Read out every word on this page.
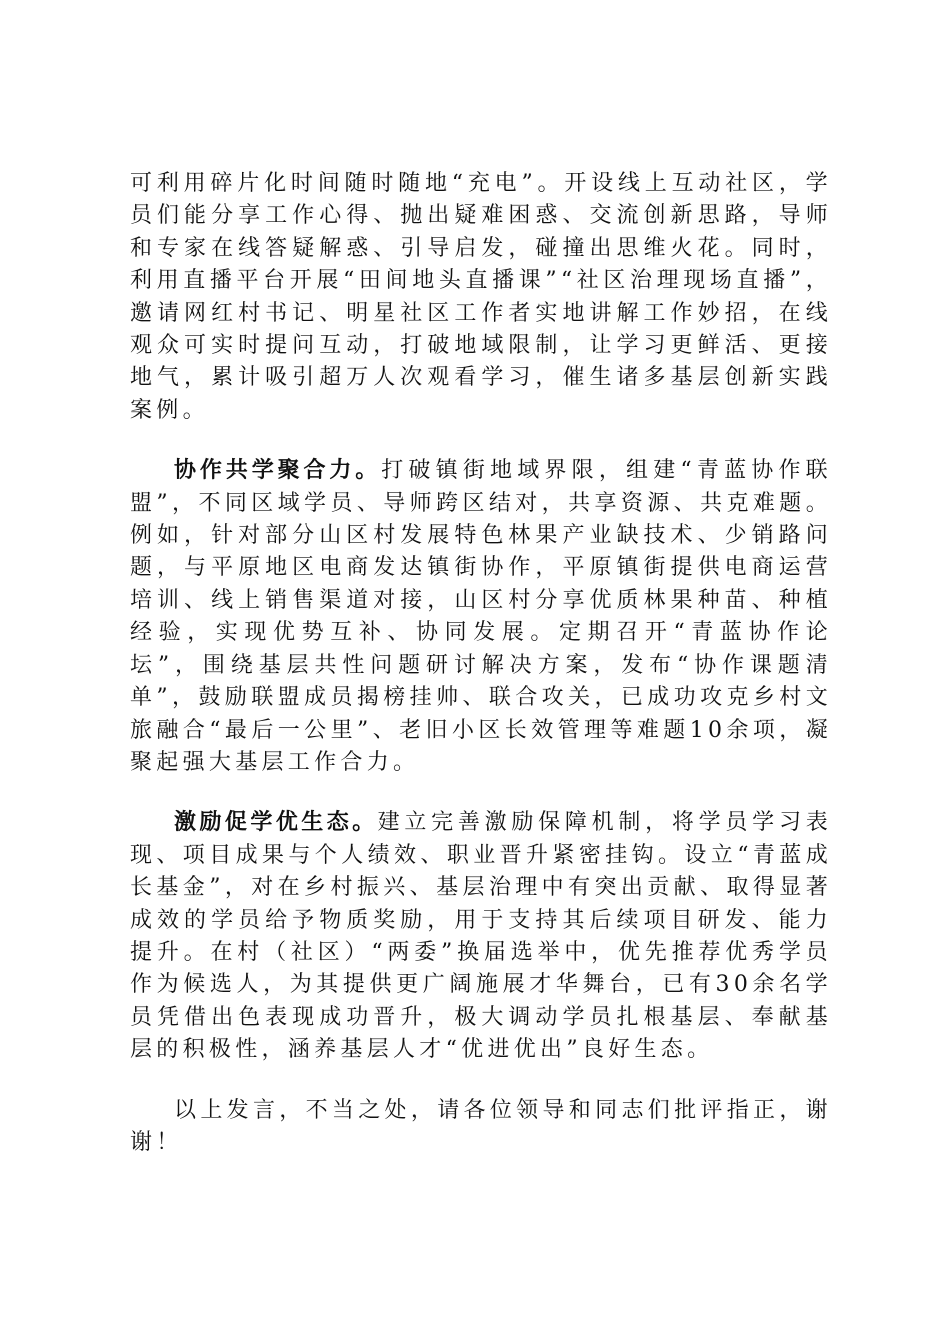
可利用碎片化时间随时随地“充电”。开设线上互动社区，学员们能分享工作心得、抛出疑难困惑、交流创新思路，导师和专家在线答疑解惑、引导启发，碰撞出思维火花。同时，利用直播平台开展“田间地头直播课”“社区治理现场直播”，邀请网红村书记、明星社区工作者实地讲解工作妙招，在线观众可实时提问互动，打破地域限制，让学习更鲜活、更接地气，累计吸引超万人次观看学习，催生诸多基层创新实践案例。

协作共学聚合力。打破镇街地域界限，组建“青蓝协作联盟”，不同区域学员、导师跨区结对，共享资源、共克难题。例如，针对部分山区村发展特色林果产业缺技术、少销路问题，与平原地区电商发达镇街协作，平原镇街提供电商运营培训、线上销售渠道对接，山区村分享优质林果种苗、种植经验，实现优势互补、协同发展。定期召开“青蓝协作论坛”，围绕基层共性问题研讨解决方案，发布“协作课题清单”，鼓励联盟成员揭榜挂帅、联合攻关，已成功攻克乡村文旅融合“最后一公里”、老旧小区长效管理等难题10余项，凝聚起强大基层工作合力。

激励促学优生态。建立完善激励保障机制，将学员学习表现、项目成果与个人绩效、职业晋升紧密挂钩。设立“青蓝成长基金”，对在乡村振兴、基层治理中有突出贡献、取得显著成效的学员给予物质奖励，用于支持其后续项目研发、能力提升。在村（社区）“两委”换届选举中，优先推荐优秀学员作为候选人，为其提供更广阔施展才华舞台，已有30余名学员凭借出色表现成功晋升，极大调动学员扎根基层、奉献基层的积极性，涵养基层人才“优进优出”良好生态。

以上发言，不当之处，请各位领导和同志们批评指正，谢谢！
